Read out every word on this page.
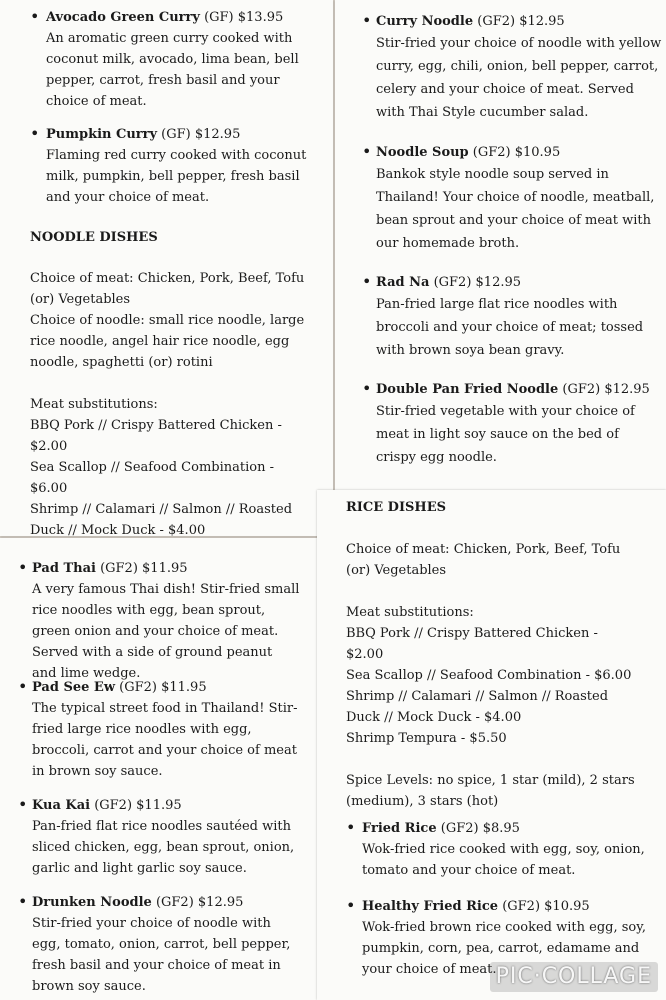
• Avocado Green Curry (GF) $13.95
An aromatic green curry cooked with coconut milk, avocado, lima bean, bell pepper, carrot, fresh basil and your choice of meat.
• Pumpkin Curry (GF) $12.95
Flaming red curry cooked with coconut milk, pumpkin, bell pepper, fresh basil and your choice of meat.
NOODLE DISHES

Choice of meat: Chicken, Pork, Beef, Tofu (or) Vegetables

Choice of noodle: small rice noodle, large rice noodle, angel hair rice noodle, egg noodle, spaghetti (or) rotini

Meat substitutions:

BBQ Pork // Crispy Battered Chicken - $2.00

Sea Scallop // Seafood Combination - $6.00

Shrimp // Calamari // Salmon // Roasted Duck // Mock Duck - $4.00

• Curry Noodle (GF2) $12.95
Stir-fried your choice of noodle with yellow curry, egg, chili, onion, bell pepper, carrot, celery and your choice of meat. Served with Thai Style cucumber salad.
• Noodle Soup (GF2) $10.95
Bankok style noodle soup served in Thailand! Your choice of noodle, meatball, bean sprout and your choice of meat with our homemade broth.
• Rad Na (GF2) $12.95
Pan-fried large flat rice noodles with broccoli and your choice of meat; tossed with brown soya bean gravy.
• Double Pan Fried Noodle (GF2) $12.95
Stir-fried vegetable with your choice of meat in light soy sauce on the bed of crispy egg noodle.
• Pad Thai (GF2) $11.95
A very famous Thai dish! Stir-fried small rice noodles with egg, bean sprout, green onion and your choice of meat. Served with a side of ground peanut and lime wedge.
• Pad See Ew (GF2) $11.95
The typical street food in Thailand! Stir-fried large rice noodles with egg, broccoli, carrot and your choice of meat in brown soy sauce.
• Kua Kai (GF2) $11.95
Pan-fried flat rice noodles sautéed with sliced chicken, egg, bean sprout, onion, garlic and light garlic soy sauce.
• Drunken Noodle (GF2) $12.95
Stir-fried your choice of noodle with egg, tomato, onion, carrot, bell pepper, fresh basil and your choice of meat in brown soy sauce.
RICE DISHES

Choice of meat: Chicken, Pork, Beef, Tofu (or) Vegetables

Meat substitutions:

BBQ Pork // Crispy Battered Chicken - $2.00

Sea Scallop // Seafood Combination - $6.00

Shrimp // Calamari // Salmon // Roasted Duck // Mock Duck - $4.00

Shrimp Tempura - $5.50

Spice Levels: no spice, 1 star (mild), 2 stars (medium), 3 stars (hot)

• Fried Rice (GF2) $8.95
Wok-fried rice cooked with egg, soy, onion, tomato and your choice of meat.
• Healthy Fried Rice (GF2) $10.95
Wok-fried brown rice cooked with egg, soy, pumpkin, corn, pea, carrot, edamame and your choice of meat. PIC·COLLAGE
